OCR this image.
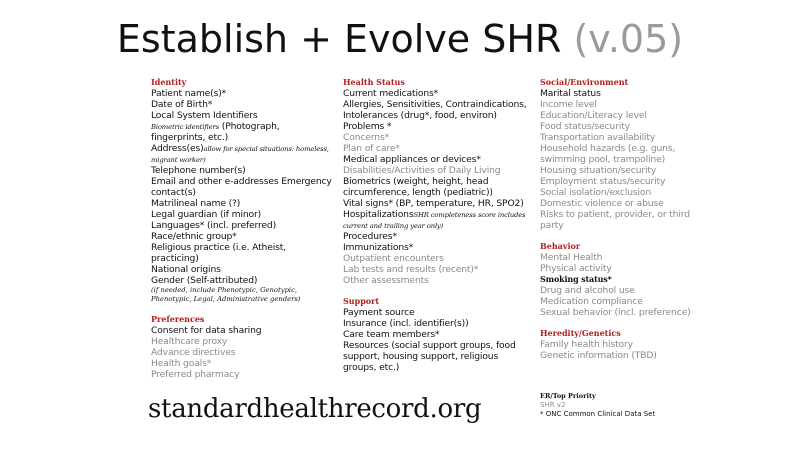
Establish + Evolve SHR (v.05)
Identity
Patient name(s)*
Date of Birth*
Local System Identifiers
Biometric identifiers (Photograph, fingerprints, etc.)
Address(es)allow for special situations: homeless, migrant worker)
Telephone number(s)
Email and other e-addresses Emergency contact(s)
Matrilineal name (?)
Legal guardian (if minor)
Languages* (incl. preferred)
Race/ethnic group*
Religious practice (i.e. Atheist, practicing)
National origins
Gender (Self-attributed)
(if needed, include Phenotypic, Genotypic, Phenotypic, Legal, Administrative genders)
Preferences
Consent for data sharing
Healthcare proxy
Advance directives
Health goals*
Preferred pharmacy
Health Status
Current medications*
Allergies, Sensitivities, Contraindications, Intolerances (drug*, food, environ)
Problems *
Concerns*
Plan of care*
Medical appliances or devices*
Disabilities/Activities of Daily Living
Biometrics (weight, height, head circumference, length (pediatric))
Vital signs* (BP, temperature, HR, SPO2)
HospitalizationsSHR completeness score includes current and trailing year only)
Procedures*
Immunizations*
Outpatient encounters
Lab tests and results (recent)*
Other assessments
Support
Payment source
Insurance (incl. identifier(s))
Care team members*
Resources (social support groups, food support, housing support, religious groups, etc.)
Social/Environment
Marital status
Income level
Education/Literacy level
Food status/security
Transportation availability
Household hazards (e.g. guns, swimming pool, trampoline)
Housing situation/security
Employment status/security
Social isolation/exclusion
Domestic violence or abuse
Risks to patient, provider, or third party
Behavior
Mental Health
Physical activity
Smoking status*
Drug and alcohol use
Medication compliance
Sexual behavior (incl. preference)
Heredity/Genetics
Family health history
Genetic information (TBD)
standardhealthrecord.org	ER/Top Priority
SHR v2
* ONC Common Clinical Data Set
